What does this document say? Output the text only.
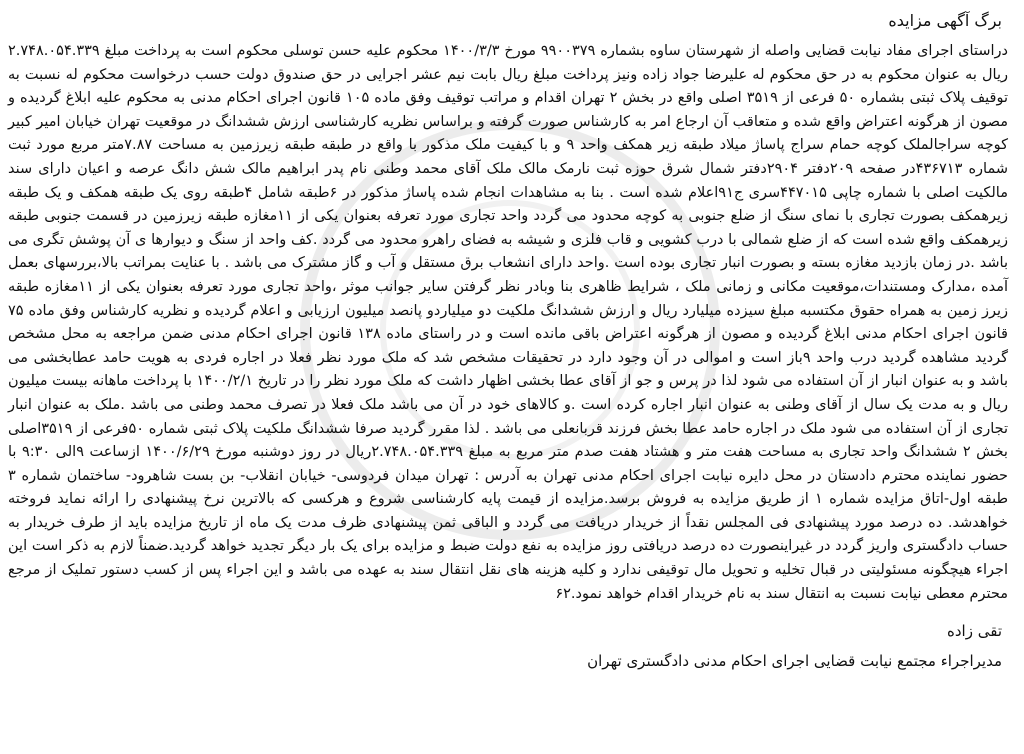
برگ آگهی مزایده

دراستای اجرای مفاد نیابت قضایی واصله از شهرستان ساوه بشماره ۹۹۰۰۳۷۹ مورخ ۱۴۰۰/۳/۳ محکوم علیه حسن توسلی محکوم است به پرداخت مبلغ ۲.۷۴۸.۰۵۴.۳۳۹ ریال به عنوان محکوم به در حق محکوم له علیرضا جواد زاده ونیز پرداخت مبلغ ریال بابت نیم عشر اجرایی در حق صندوق دولت حسب درخواست محکوم له نسبت به توقیف پلاک ثبتی بشماره ۵۰ فرعی از ۳۵۱۹ اصلی واقع در بخش ۲ تهران اقدام و مراتب توقیف وفق ماده ۱۰۵ قانون اجرای احکام مدنی به محکوم علیه ابلاغ گردیده و مصون از هرگونه اعتراض واقع شده و متعاقب آن ارجاع امر به کارشناس صورت گرفته و براساس نظریه کارشناسی ارزش ششدانگ در موقعیت تهران خیابان امیر کبیر کوچه سراجالملک کوچه حمام سراج پاساژ میلاد طبقه زیر همکف واحد ۹ و با کیفیت ملک مذکور با واقع در طبقه طبقه زیرزمین به مساحت ۷.۸۷متر مربع مورد ثبت شماره ۴۳۶۷۱۳در صفحه ۲۰۹دفتر ۲۹۰۴دفتر شمال شرق حوزه ثبت نارمک مالک ملک آقای محمد وطنی نام پدر ابراهیم مالک شش دانگ عرصه و اعیان دارای سند مالکیت اصلی با شماره چاپی ۴۴۷۰۱۵سری ج۹۱اعلام شده است . بنا به مشاهدات انجام شده پاساژ مذکور در ۶طبقه شامل ۴طبقه روی یک طبقه همکف و یک طبقه زیرهمکف بصورت تجاری با نمای سنگ از ضلع جنوبی به کوچه محدود می گردد واحد تجاری مورد تعرفه بعنوان یکی از ۱۱مغازه طبقه زیرزمین در قسمت جنوبی طبقه زیرهمکف واقع شده است که از ضلع شمالی با درب کشویی و قاب فلزی و شیشه به فضای راهرو محدود می گردد .کف واحد از سنگ و دیوارها ی آن پوشش تگری می باشد .در زمان بازدید مغازه بسته و بصورت انبار تجاری بوده است .واحد دارای انشعاب برق مستقل و آب و گاز مشترک می باشد . با عنایت بمراتب بالا،بررسهای بعمل آمده ،مدارک ومستندات،موقعیت مکانی و زمانی ملک ، شرایط ظاهری بنا وبادر نظر گرفتن سایر جوانب موثر ،واحد تجاری مورد تعرفه بعنوان یکی از ۱۱مغازه طبقه زیرز زمین به همراه حقوق مکتسبه مبلغ سیزده میلیارد ریال و ارزش ششدانگ ملکیت دو میلیاردو پانصد میلیون ارزیابی و اعلام گردیده و نظریه کارشناس وفق ماده ۷۵ قانون اجرای احکام مدنی ابلاغ گردیده و مصون از هرگونه اعتراض باقی مانده است و در راستای ماده ۱۳۸ قانون اجرای احکام مدنی ضمن مراجعه به محل مشخص گردید مشاهده گردید درب واحد ۹باز است و اموالی در آن وجود دارد در تحقیقات مشخص شد که ملک مورد نظر فعلا در اجاره فردی به هویت حامد عطابخشی می باشد و به عنوان انبار از آن استفاده می شود لذا در پرس و جو از آقای عطا بخشی اظهار داشت که ملک مورد نظر را در تاریخ ۱۴۰۰/۲/۱ با پرداخت ماهانه بیست میلیون ریال و به مدت یک سال از آقای وطنی به عنوان انبار اجاره کرده است .و کالاهای خود در آن می باشد ملک فعلا در تصرف محمد وطنی می باشد .ملک به عنوان انبار تجاری از آن استفاده می شود ملک در اجاره حامد عطا بخش فرزند قربانعلی می باشد . لذا مقرر گردید صرفا ششدانگ ملکیت پلاک ثبتی شماره ۵۰فرعی از ۳۵۱۹اصلی بخش ۲ ششدانگ واحد تجاری به مساحت هفت متر و هشتاد هفت صدم متر مربع به مبلغ ۲.۷۴۸.۰۵۴.۳۳۹ریال در روز دوشنبه مورخ ۱۴۰۰/۶/۲۹ ازساعت ۹الی ۹:۳۰ با حضور نماینده محترم دادستان در محل دایره نیابت اجرای احکام مدنی تهران به آدرس : تهران میدان فردوسی- خیابان انقلاب- بن بست شاهرود- ساختمان شماره ۳ طبقه اول-اتاق مزایده شماره ۱ از طریق مزایده به فروش برسد.مزایده از قیمت پایه کارشناسی شروع و هرکسی که بالاترین نرخ پیشنهادی را ارائه نماید فروخته خواهدشد. ده درصد مورد پیشنهادی فی المجلس نقداً از خریدار دریافت می گردد و الباقی ثمن پیشنهادی ظرف مدت یک ماه از تاریخ مزایده باید از طرف خریدار به حساب دادگستری واریز گردد در غیراینصورت ده درصد دریافتی روز مزایده به نفع دولت ضبط و مزایده برای یک بار دیگر تجدید خواهد گردید.ضمناً لازم به ذکر است این اجراء هیچگونه مسئولیتی در قبال تخلیه و تحویل مال توقیفی ندارد و کلیه هزینه های نقل انتقال سند به عهده می باشد و این اجراء پس از کسب دستور تملیک از مرجع محترم معطی نیابت نسبت به انتقال سند به نام خریدار اقدام خواهد نمود.۶۲

تقی زاده
مدیراجراء مجتمع نیابت قضایی اجرای احکام مدنی دادگستری تهران
